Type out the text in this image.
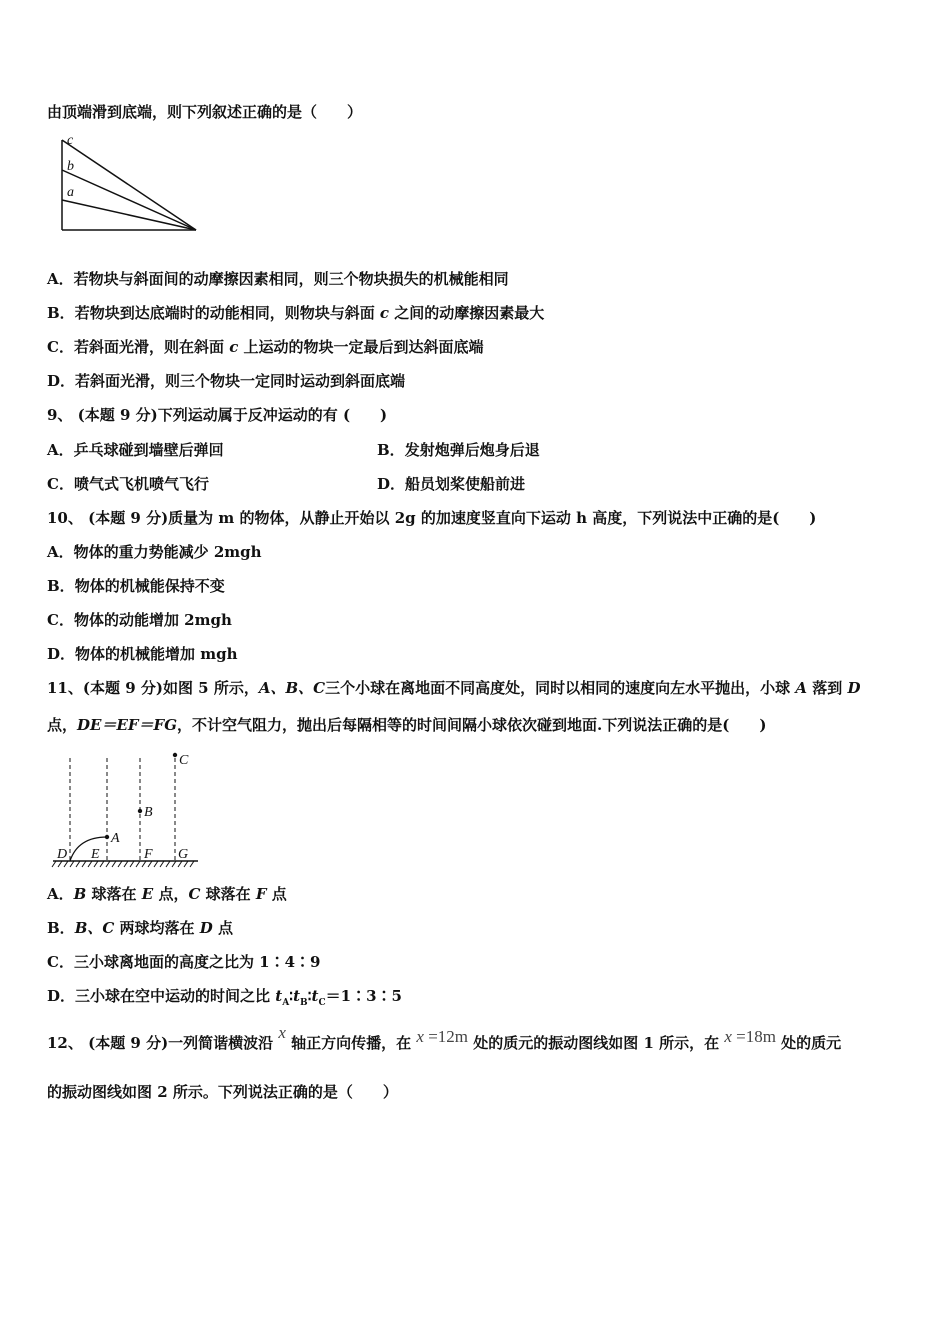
由顶端滑到底端，则下列叙述正确的是（　　）
c
b
a
A．若物块与斜面间的动摩擦因素相同，则三个物块损失的机械能相同
B．若物块到达底端时的动能相同，则物块与斜面 c 之间的动摩擦因素最大
C．若斜面光滑，则在斜面 c 上运动的物块一定最后到达斜面底端
D．若斜面光滑，则三个物块一定同时运动到斜面底端
9、 (本题 9 分)下列运动属于反冲运动的有 (　　)
A．乒乓球碰到墙壁后弹回	B．发射炮弹后炮身后退
C．喷气式飞机喷气飞行	D．船员划桨使船前进
10、 (本题 9 分)质量为 m 的物体，从静止开始以 2g 的加速度竖直向下运动 h 高度，下列说法中正确的是(　　)
A．物体的重力势能减少 2mgh
B．物体的机械能保持不变
C．物体的动能增加 2mgh
D．物体的机械能增加 mgh
11、(本题 9 分)如图 5 所示，A、B、C三个小球在离地面不同高度处，同时以相同的速度向左水平抛出，小球 A 落到 D
点，DE＝EF＝FG，不计空气阻力，抛出后每隔相等的时间间隔小球依次碰到地面.下列说法正确的是(　　)
A
B
C
D E	F G
A．B 球落在 E 点，C 球落在 F 点
B．B、C 两球均落在 D 点
C．三小球离地面的高度之比为 1∶4∶9
D．三小球在空中运动的时间之比 $t_A∶t_B∶t_C=1∶3∶5$
12、 (本题 9 分)一列简谐横波沿 x 轴正方向传播，在 x =12m 处的质元的振动图线如图 1 所示，在 x =18m 处的质元
的振动图线如图 2 所示。下列说法正确的是（　　）
